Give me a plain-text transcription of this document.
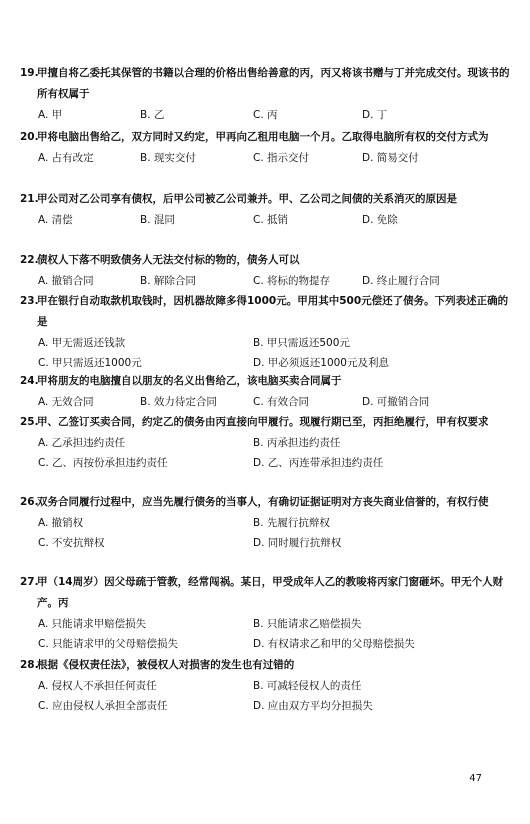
19.
甲擅自将乙委托其保管的书籍以合理的价格出售给善意的丙，丙又将该书赠与丁并完成交付。现该书的所有权属于
A. 甲	B. 乙	C. 丙	D. 丁
20.
甲将电脑出售给乙，双方同时又约定，甲再向乙租用电脑一个月。乙取得电脑所有权的交付方式为
A. 占有改定	B. 现实交付	C. 指示交付	D. 简易交付
21.
甲公司对乙公司享有债权，后甲公司被乙公司兼并。甲、乙公司之间债的关系消灭的原因是
A. 清偿	B. 混同	C. 抵销	D. 免除
22.
债权人下落不明致债务人无法交付标的物的，债务人可以
A. 撤销合同	B. 解除合同	C. 将标的物提存	D. 终止履行合同
23.
甲在银行自动取款机取钱时，因机器故障多得1000元。甲用其中500元偿还了债务。下列表述正确的是
A. 甲无需返还钱款	B. 甲只需返还500元
C. 甲只需返还1000元	D. 甲必须返还1000元及利息
24.
甲将朋友的电脑擅自以朋友的名义出售给乙，该电脑买卖合同属于
A. 无效合同	B. 效力待定合同	C. 有效合同	D. 可撤销合同
25.
甲、乙签订买卖合同，约定乙的债务由丙直接向甲履行。现履行期已至，丙拒绝履行，甲有权要求
A. 乙承担违约责任	B. 丙承担违约责任
C. 乙、丙按份承担违约责任	D. 乙、丙连带承担违约责任
26.
双务合同履行过程中，应当先履行债务的当事人，有确切证据证明对方丧失商业信誉的，有权行使
A. 撤销权	B. 先履行抗辩权
C. 不安抗辩权	D. 同时履行抗辩权
27.
甲（14周岁）因父母疏于管教，经常闯祸。某日，甲受成年人乙的教唆将丙家门窗砸坏。甲无个人财产。丙
A. 只能请求甲赔偿损失	B. 只能请求乙赔偿损失
C. 只能请求甲的父母赔偿损失	D. 有权请求乙和甲的父母赔偿损失
28.
根据《侵权责任法》，被侵权人对损害的发生也有过错的
A. 侵权人不承担任何责任	B. 可减轻侵权人的责任
C. 应由侵权人承担全部责任	D. 应由双方平均分担损失
47
